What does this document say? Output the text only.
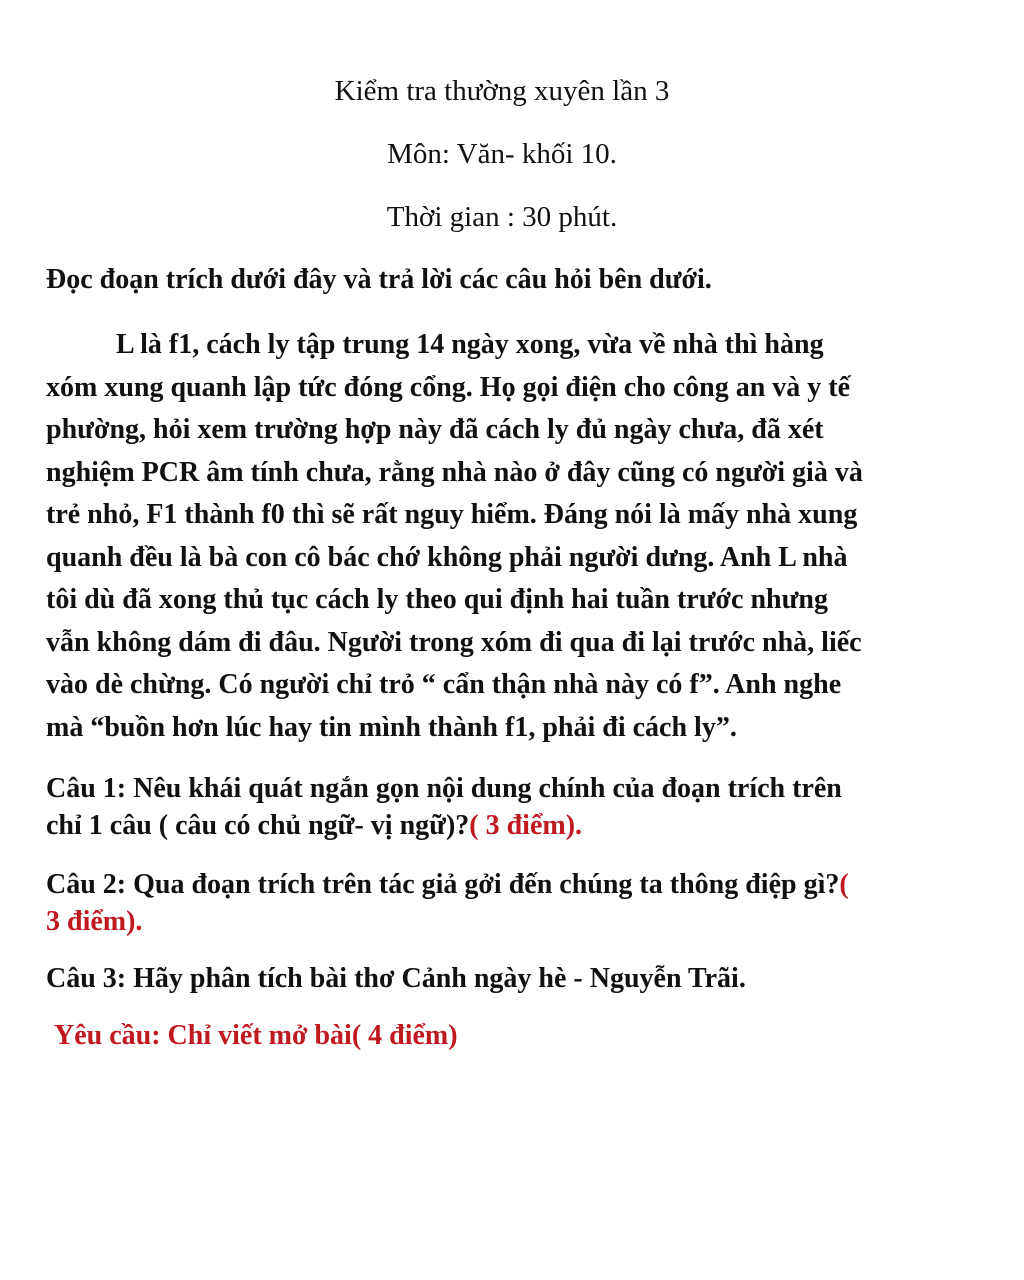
Kiểm tra thường xuyên lần 3
Môn: Văn- khối 10.
Thời gian : 30 phút.
Đọc đoạn trích dưới đây và trả lời các câu hỏi bên dưới.
L là f1, cách ly tập trung 14 ngày xong, vừa về nhà thì hàng
xóm xung quanh lập tức đóng cổng. Họ gọi điện cho công an và y tế
phường, hỏi xem trường hợp này đã cách ly đủ ngày chưa, đã xét
nghiệm PCR âm tính chưa, rằng nhà nào ở đây cũng có người già và
trẻ nhỏ, F1 thành f0 thì sẽ rất nguy hiểm. Đáng nói là mấy nhà xung
quanh đều là bà con cô bác chớ không phải người dưng. Anh L nhà
tôi dù đã xong thủ tục cách ly theo qui định hai tuần trước nhưng
vẫn không dám đi đâu. Người trong xóm đi qua đi lại trước nhà, liếc
vào dè chừng. Có người chỉ trỏ “ cẩn thận nhà này có f”. Anh nghe
mà “buồn hơn lúc hay tin mình thành f1, phải đi cách ly”.
Câu 1: Nêu khái quát ngắn gọn nội dung chính của đoạn trích trên
chỉ 1 câu ( câu có chủ ngữ- vị ngữ)?( 3 điểm).
Câu 2: Qua đoạn trích trên tác giả gởi đến chúng ta thông điệp gì?(
3 điểm).
Câu 3: Hãy phân tích bài thơ Cảnh ngày hè - Nguyễn Trãi.
Yêu cầu: Chỉ viết mở bài( 4 điểm)
